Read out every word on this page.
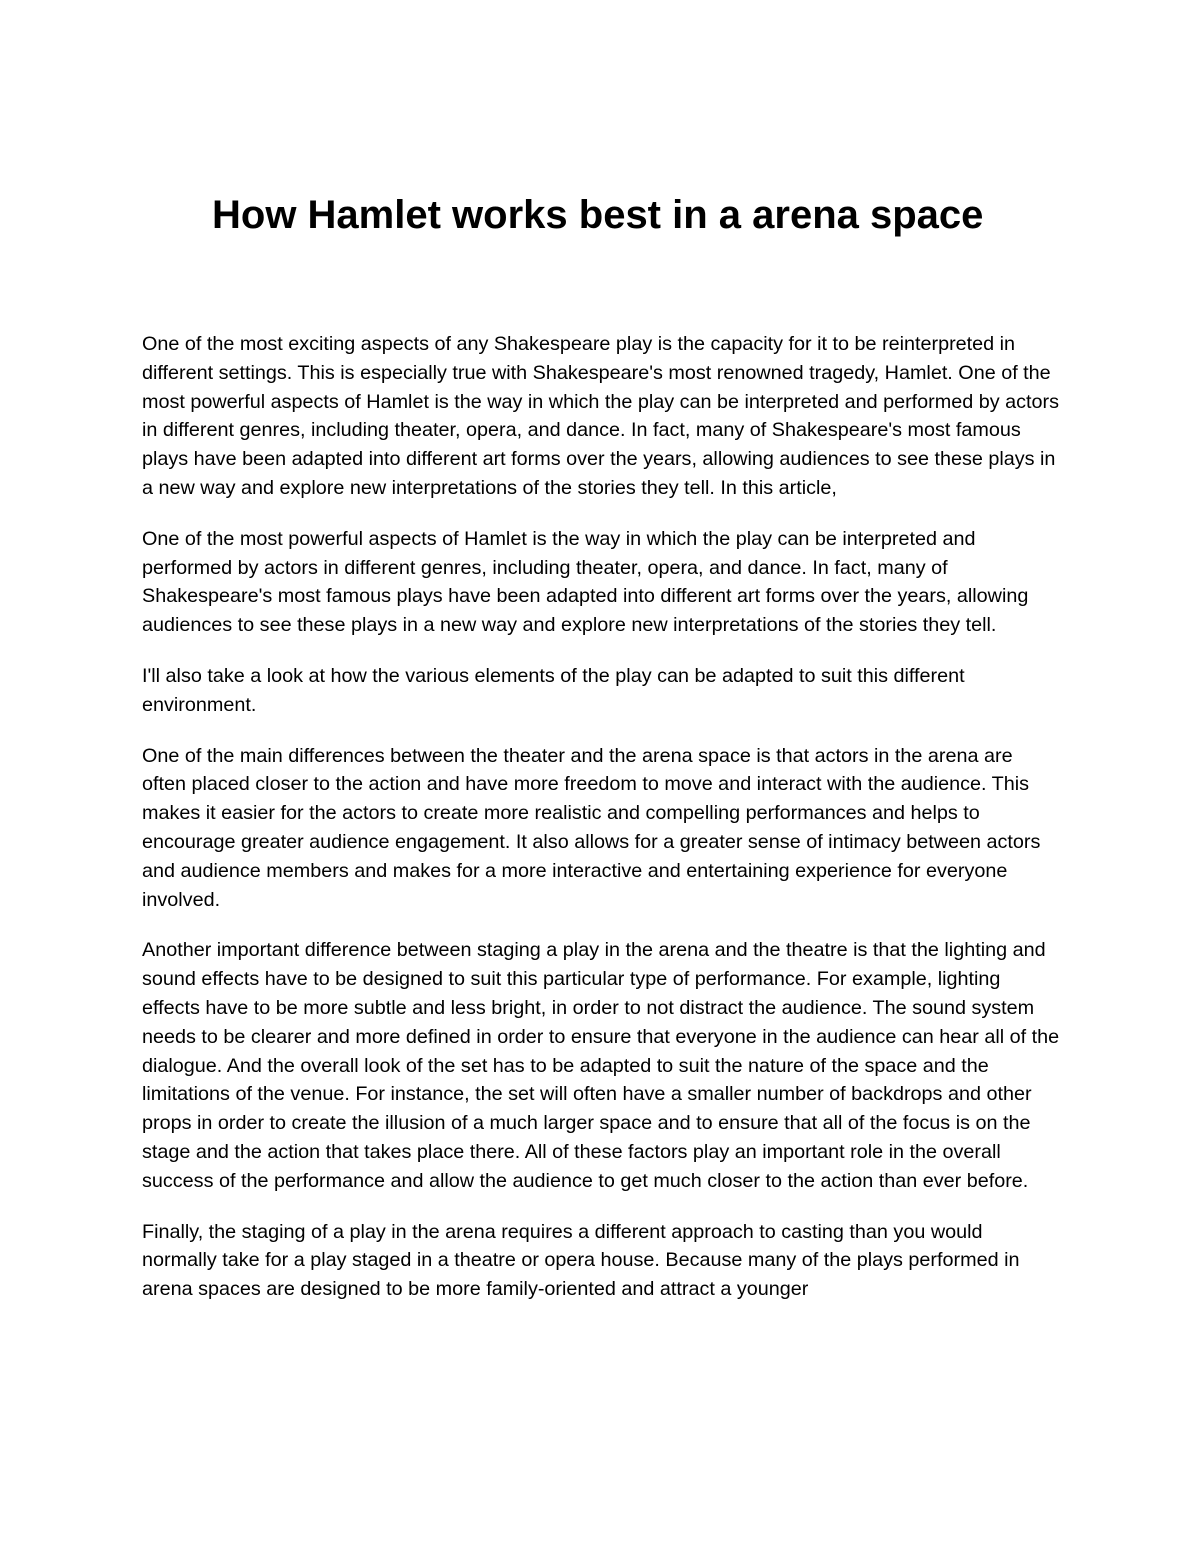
How Hamlet works best in a arena space

One of the most exciting aspects of any Shakespeare play is the capacity for it to be reinterpreted in different settings. This is especially true with Shakespeare's most renowned tragedy, Hamlet. One of the most powerful aspects of Hamlet is the way in which the play can be interpreted and performed by actors in different genres, including theater, opera, and dance. In fact, many of Shakespeare's most famous plays have been adapted into different art forms over the years, allowing audiences to see these plays in a new way and explore new interpretations of the stories they tell. In this article,

One of the most powerful aspects of Hamlet is the way in which the play can be interpreted and performed by actors in different genres, including theater, opera, and dance. In fact, many of Shakespeare's most famous plays have been adapted into different art forms over the years, allowing audiences to see these plays in a new way and explore new interpretations of the stories they tell.

I'll also take a look at how the various elements of the play can be adapted to suit this different environment.

One of the main differences between the theater and the arena space is that actors in the arena are often placed closer to the action and have more freedom to move and interact with the audience. This makes it easier for the actors to create more realistic and compelling performances and helps to encourage greater audience engagement. It also allows for a greater sense of intimacy between actors and audience members and makes for a more interactive and entertaining experience for everyone involved.

Another important difference between staging a play in the arena and the theatre is that the lighting and sound effects have to be designed to suit this particular type of performance. For example, lighting effects have to be more subtle and less bright, in order to not distract the audience. The sound system needs to be clearer and more defined in order to ensure that everyone in the audience can hear all of the dialogue. And the overall look of the set has to be adapted to suit the nature of the space and the limitations of the venue. For instance, the set will often have a smaller number of backdrops and other props in order to create the illusion of a much larger space and to ensure that all of the focus is on the stage and the action that takes place there. All of these factors play an important role in the overall success of the performance and allow the audience to get much closer to the action than ever before.

Finally, the staging of a play in the arena requires a different approach to casting than you would normally take for a play staged in a theatre or opera house. Because many of the plays performed in arena spaces are designed to be more family-oriented and attract a younger
